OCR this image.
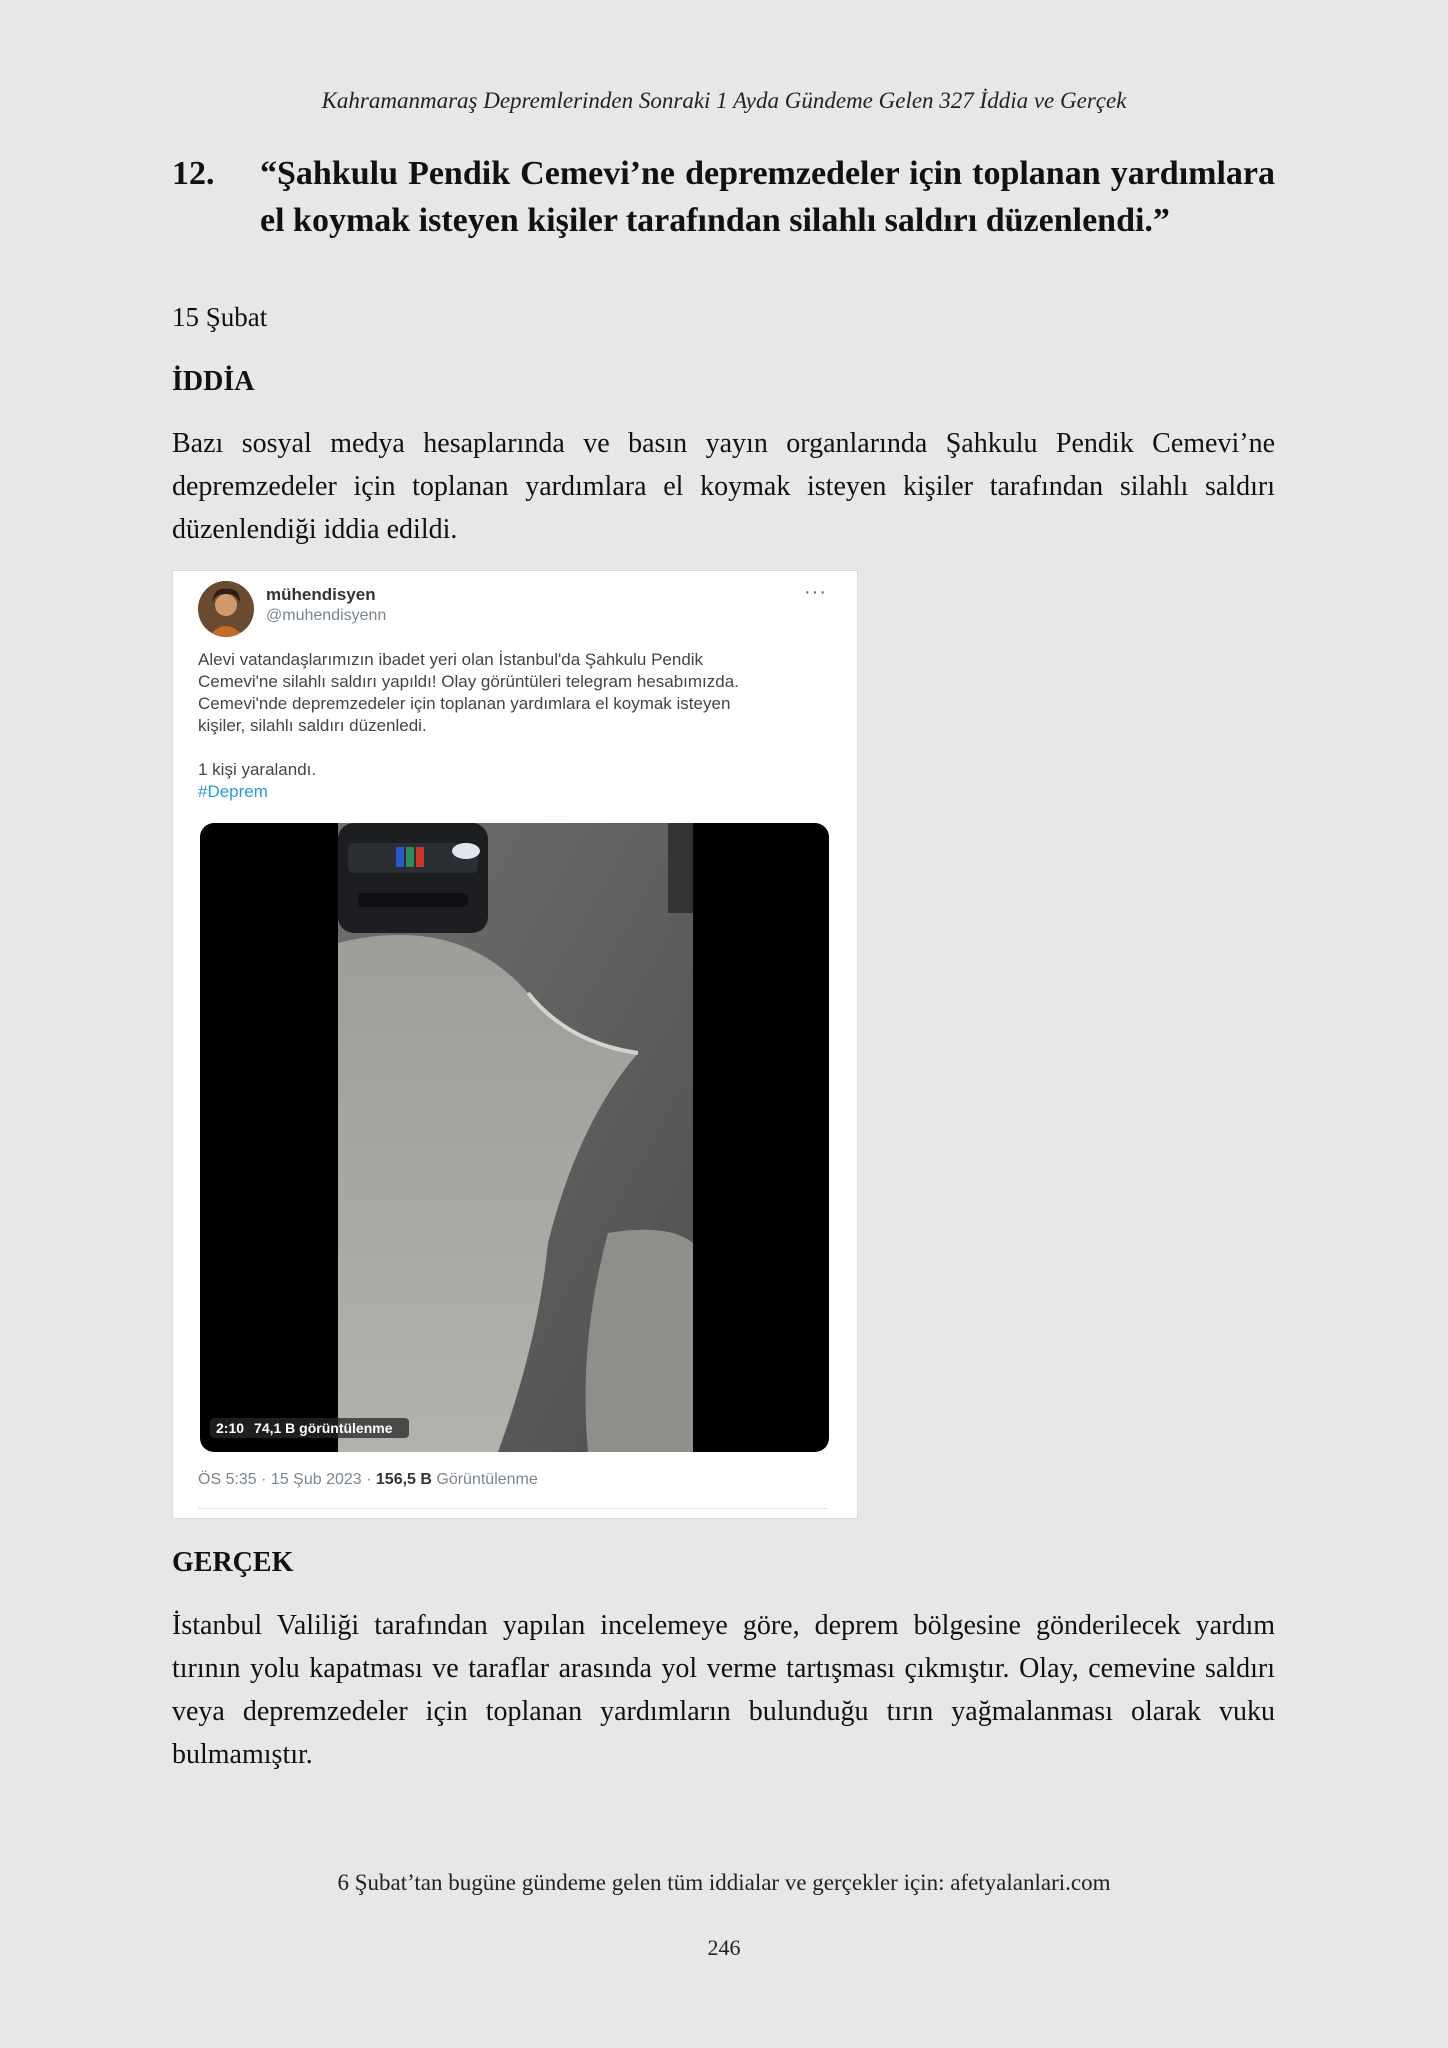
Kahramanmaraş Depremlerinden Sonraki 1 Ayda Gündeme Gelen 327 İddia ve Gerçek
12.	“Şahkulu Pendik Cemevi’ne depremzedeler için toplanan yardımlara el koymak isteyen kişiler tarafından silahlı saldırı düzenlendi.”
15 Şubat
İDDİA
Bazı sosyal medya hesaplarında ve basın yayın organlarında Şahkulu Pendik Cemevi’ne depremzedeler için toplanan yardımlara el koymak isteyen kişiler tarafından silahlı saldırı düzenlendiği iddia edildi.
mühendisyen
@muhendisyenn
···

Alevi vatandaşlarımızın ibadet yeri olan İstanbul'da Şahkulu Pendik

Cemevi'ne silahlı saldırı yapıldı! Olay görüntüleri telegram hesabımızda.

Cemevi'nde depremzedeler için toplanan yardımlara el koymak isteyen

kişiler, silahlı saldırı düzenledi.

1 kişi yaralandı.

#Deprem

2:10 74,1 B görüntülenme
ÖS 5:35 · 15 Şub 2023 · 156,5 B Görüntülenme
GERÇEK
İstanbul Valiliği tarafından yapılan incelemeye göre, deprem bölgesine gönderilecek yardım tırının yolu kapatması ve taraflar arasında yol verme tartışması çıkmıştır. Olay, cemevine saldırı veya depremzedeler için toplanan yardımların bulunduğu tırın yağmalanması olarak vuku bulmamıştır.
6 Şubat’tan bugüne gündeme gelen tüm iddialar ve gerçekler için: afetyalanlari.com
246
